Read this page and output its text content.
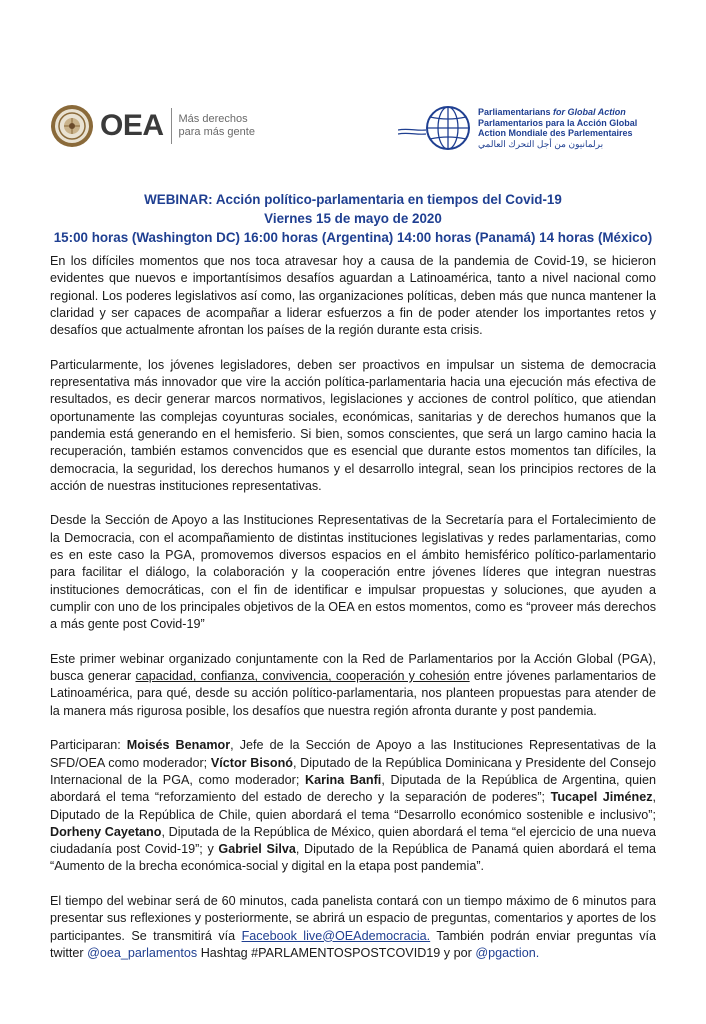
OEA Más derechos
para más gente
Parliamentarians for Global Action
Parlamentarios para la Acción Global
Action Mondiale des Parlementaires
برلمانيون من أجل التحرك العالمي
WEBINAR: Acción político-parlamentaria en tiempos del Covid-19
Viernes 15 de mayo de 2020
15:00 horas (Washington DC) 16:00 horas (Argentina) 14:00 horas (Panamá) 14 horas (México)

En los difíciles momentos que nos toca atravesar hoy a causa de la pandemia de Covid-19, se hicieron evidentes que nuevos e importantísimos desafíos aguardan a Latinoamérica, tanto a nivel nacional como regional. Los poderes legislativos así como, las organizaciones políticas, deben más que nunca mantener la claridad y ser capaces de acompañar a liderar esfuerzos a fin de poder atender los importantes retos y desafíos que actualmente afrontan los países de la región durante esta crisis.

Particularmente, los jóvenes legisladores, deben ser proactivos en impulsar un sistema de democracia representativa más innovador que vire la acción política-parlamentaria hacia una ejecución más efectiva de resultados, es decir generar marcos normativos, legislaciones y acciones de control político, que atiendan oportunamente las complejas coyunturas sociales, económicas, sanitarias y de derechos humanos que la pandemia está generando en el hemisferio. Si bien, somos conscientes, que será un largo camino hacia la recuperación, también estamos convencidos que es esencial que durante estos momentos tan difíciles, la democracia, la seguridad, los derechos humanos y el desarrollo integral, sean los principios rectores de la acción de nuestras instituciones representativas.

Desde la Sección de Apoyo a las Instituciones Representativas de la Secretaría para el Fortalecimiento de la Democracia, con el acompañamiento de distintas instituciones legislativas y redes parlamentarias, como es en este caso la PGA, promovemos diversos espacios en el ámbito hemisférico político-parlamentario para facilitar el diálogo, la colaboración y la cooperación entre jóvenes líderes que integran nuestras instituciones democráticas, con el fin de identificar e impulsar propuestas y soluciones, que ayuden a cumplir con uno de los principales objetivos de la OEA en estos momentos, como es “proveer más derechos a más gente post Covid-19”

Este primer webinar organizado conjuntamente con la Red de Parlamentarios por la Acción Global (PGA), busca generar capacidad, confianza, convivencia, cooperación y cohesión entre jóvenes parlamentarios de Latinoamérica, para qué, desde su acción político-parlamentaria, nos planteen propuestas para atender de la manera más rigurosa posible, los desafíos que nuestra región afronta durante y post pandemia.

Participaran: Moisés Benamor, Jefe de la Sección de Apoyo a las Instituciones Representativas de la SFD/OEA como moderador; Víctor Bisonó, Diputado de la República Dominicana y Presidente del Consejo Internacional de la PGA, como moderador; Karina Banfi, Diputada de la República de Argentina, quien abordará el tema “reforzamiento del estado de derecho y la separación de poderes”; Tucapel Jiménez, Diputado de la República de Chile, quien abordará el tema “Desarrollo económico sostenible e inclusivo”; Dorheny Cayetano, Diputada de la República de México, quien abordará el tema “el ejercicio de una nueva ciudadanía post Covid-19”; y Gabriel Silva, Diputado de la República de Panamá quien abordará el tema “Aumento de la brecha económica-social y digital en la etapa post pandemia”.

El tiempo del webinar será de 60 minutos, cada panelista contará con un tiempo máximo de 6 minutos para presentar sus reflexiones y posteriormente, se abrirá un espacio de preguntas, comentarios y aportes de los participantes. Se transmitirá vía Facebook live@OEAdemocracia. También podrán enviar preguntas vía twitter @oea_parlamentos Hashtag #PARLAMENTOSPOSTCOVID19 y por @pgaction.
